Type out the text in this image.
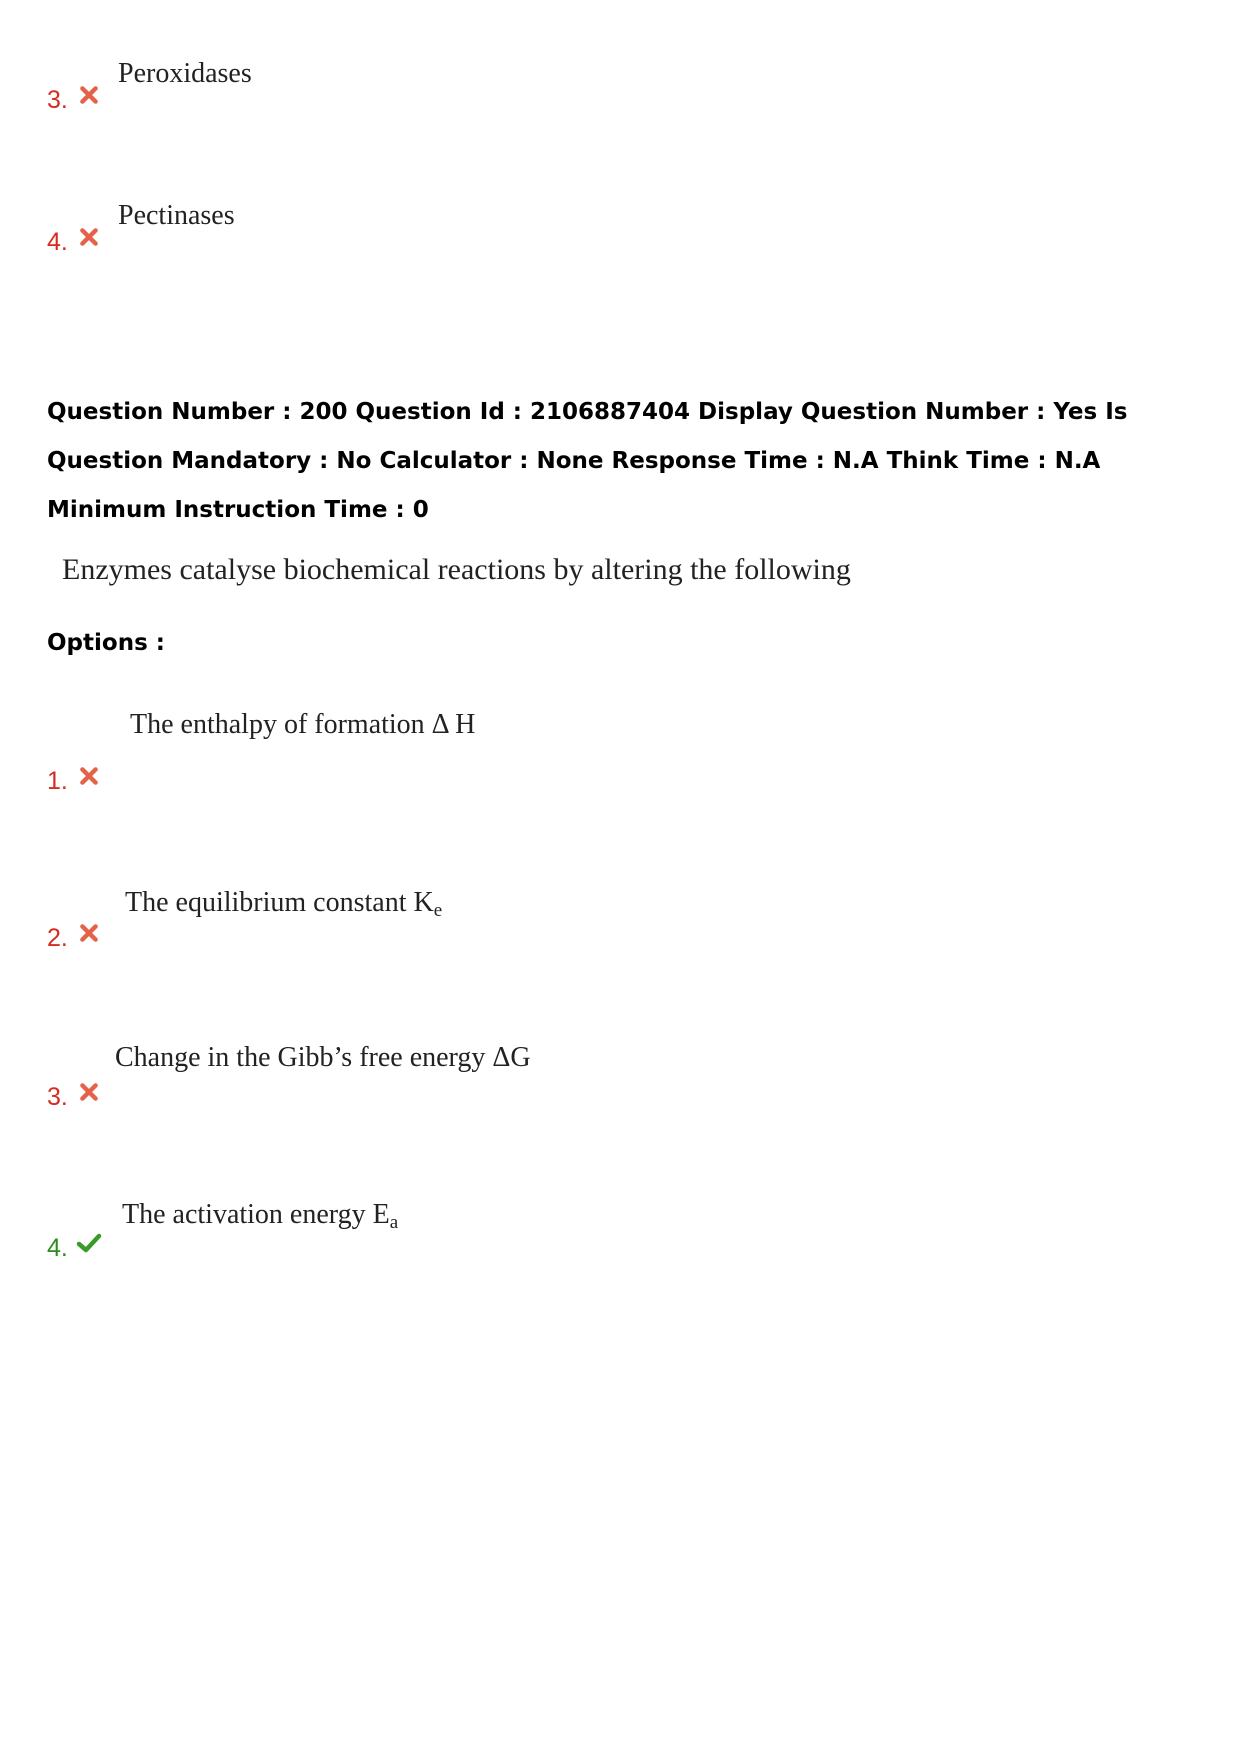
Peroxidases
3.
Pectinases
4.
Question Number : 200 Question Id : 2106887404 Display Question Number : Yes Is Question Mandatory : No Calculator : None Response Time : N.A Think Time : N.A Minimum Instruction Time : 0
Enzymes catalyse biochemical reactions by altering the following
Options :
The enthalpy of formation Δ H
1.
The equilibrium constant $K_e$
2.
Change in the Gibb’s free energy ΔG
3.
The activation energy $E_a$
4.
